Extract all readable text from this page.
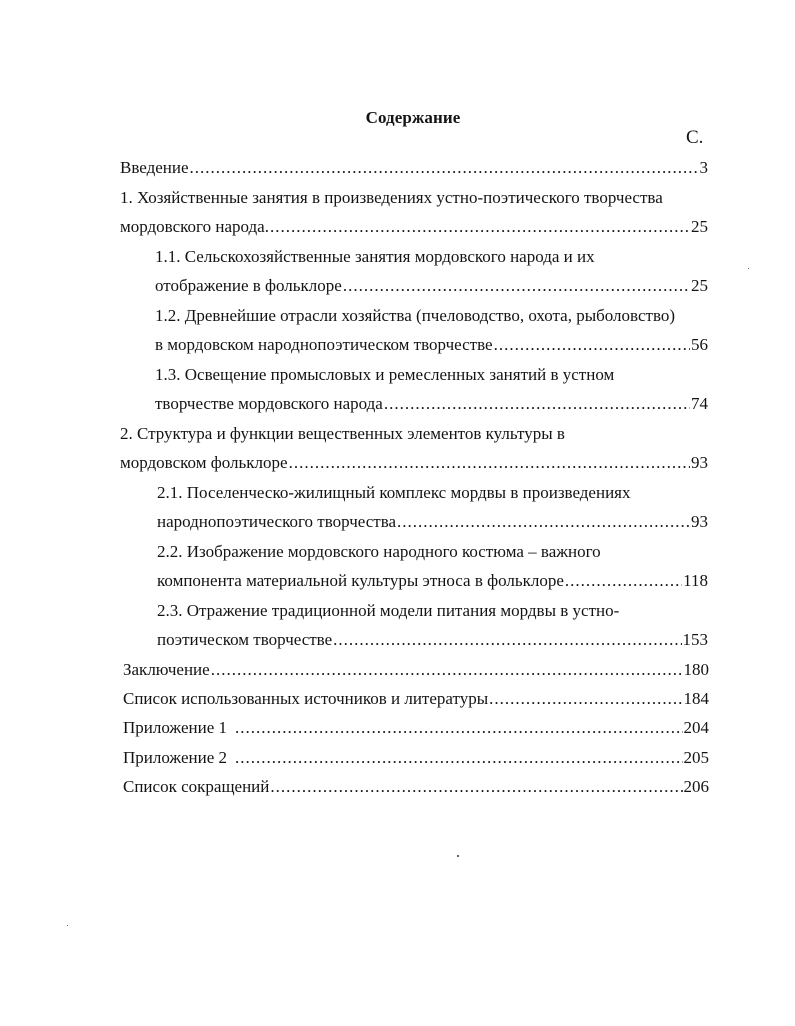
Содержание
С.
Введение .....	3
1. Хозяйственные занятия в произведениях устно-поэтического творчества
мордовского народа. .....	25
1.1. Сельскохозяйственные занятия мордовского народа и их
отображение в фольклоре .....	25
1.2. Древнейшие отрасли хозяйства (пчеловодство, охота, рыболовство)
в мордовском народнопоэтическом творчестве .....	56
1.3. Освещение промысловых и ремесленных занятий в устном
творчестве мордовского народа .....	74
2. Структура и функции вещественных элементов культуры в
мордовском фольклоре .....	93
2.1. Поселенческо-жилищный комплекс мордвы в произведениях
народнопоэтического творчества .....	93
2.2. Изображение мордовского народного костюма – важного
компонента материальной культуры этноса в фольклоре .....	118
2.3. Отражение традиционной модели питания мордвы в устно-
поэтическом творчестве .....	153
Заключение .....	180
Список использованных источников и литературы .....	184
Приложение 1 .....	204
Приложение 2 .....	205
Список сокращений .....	206
